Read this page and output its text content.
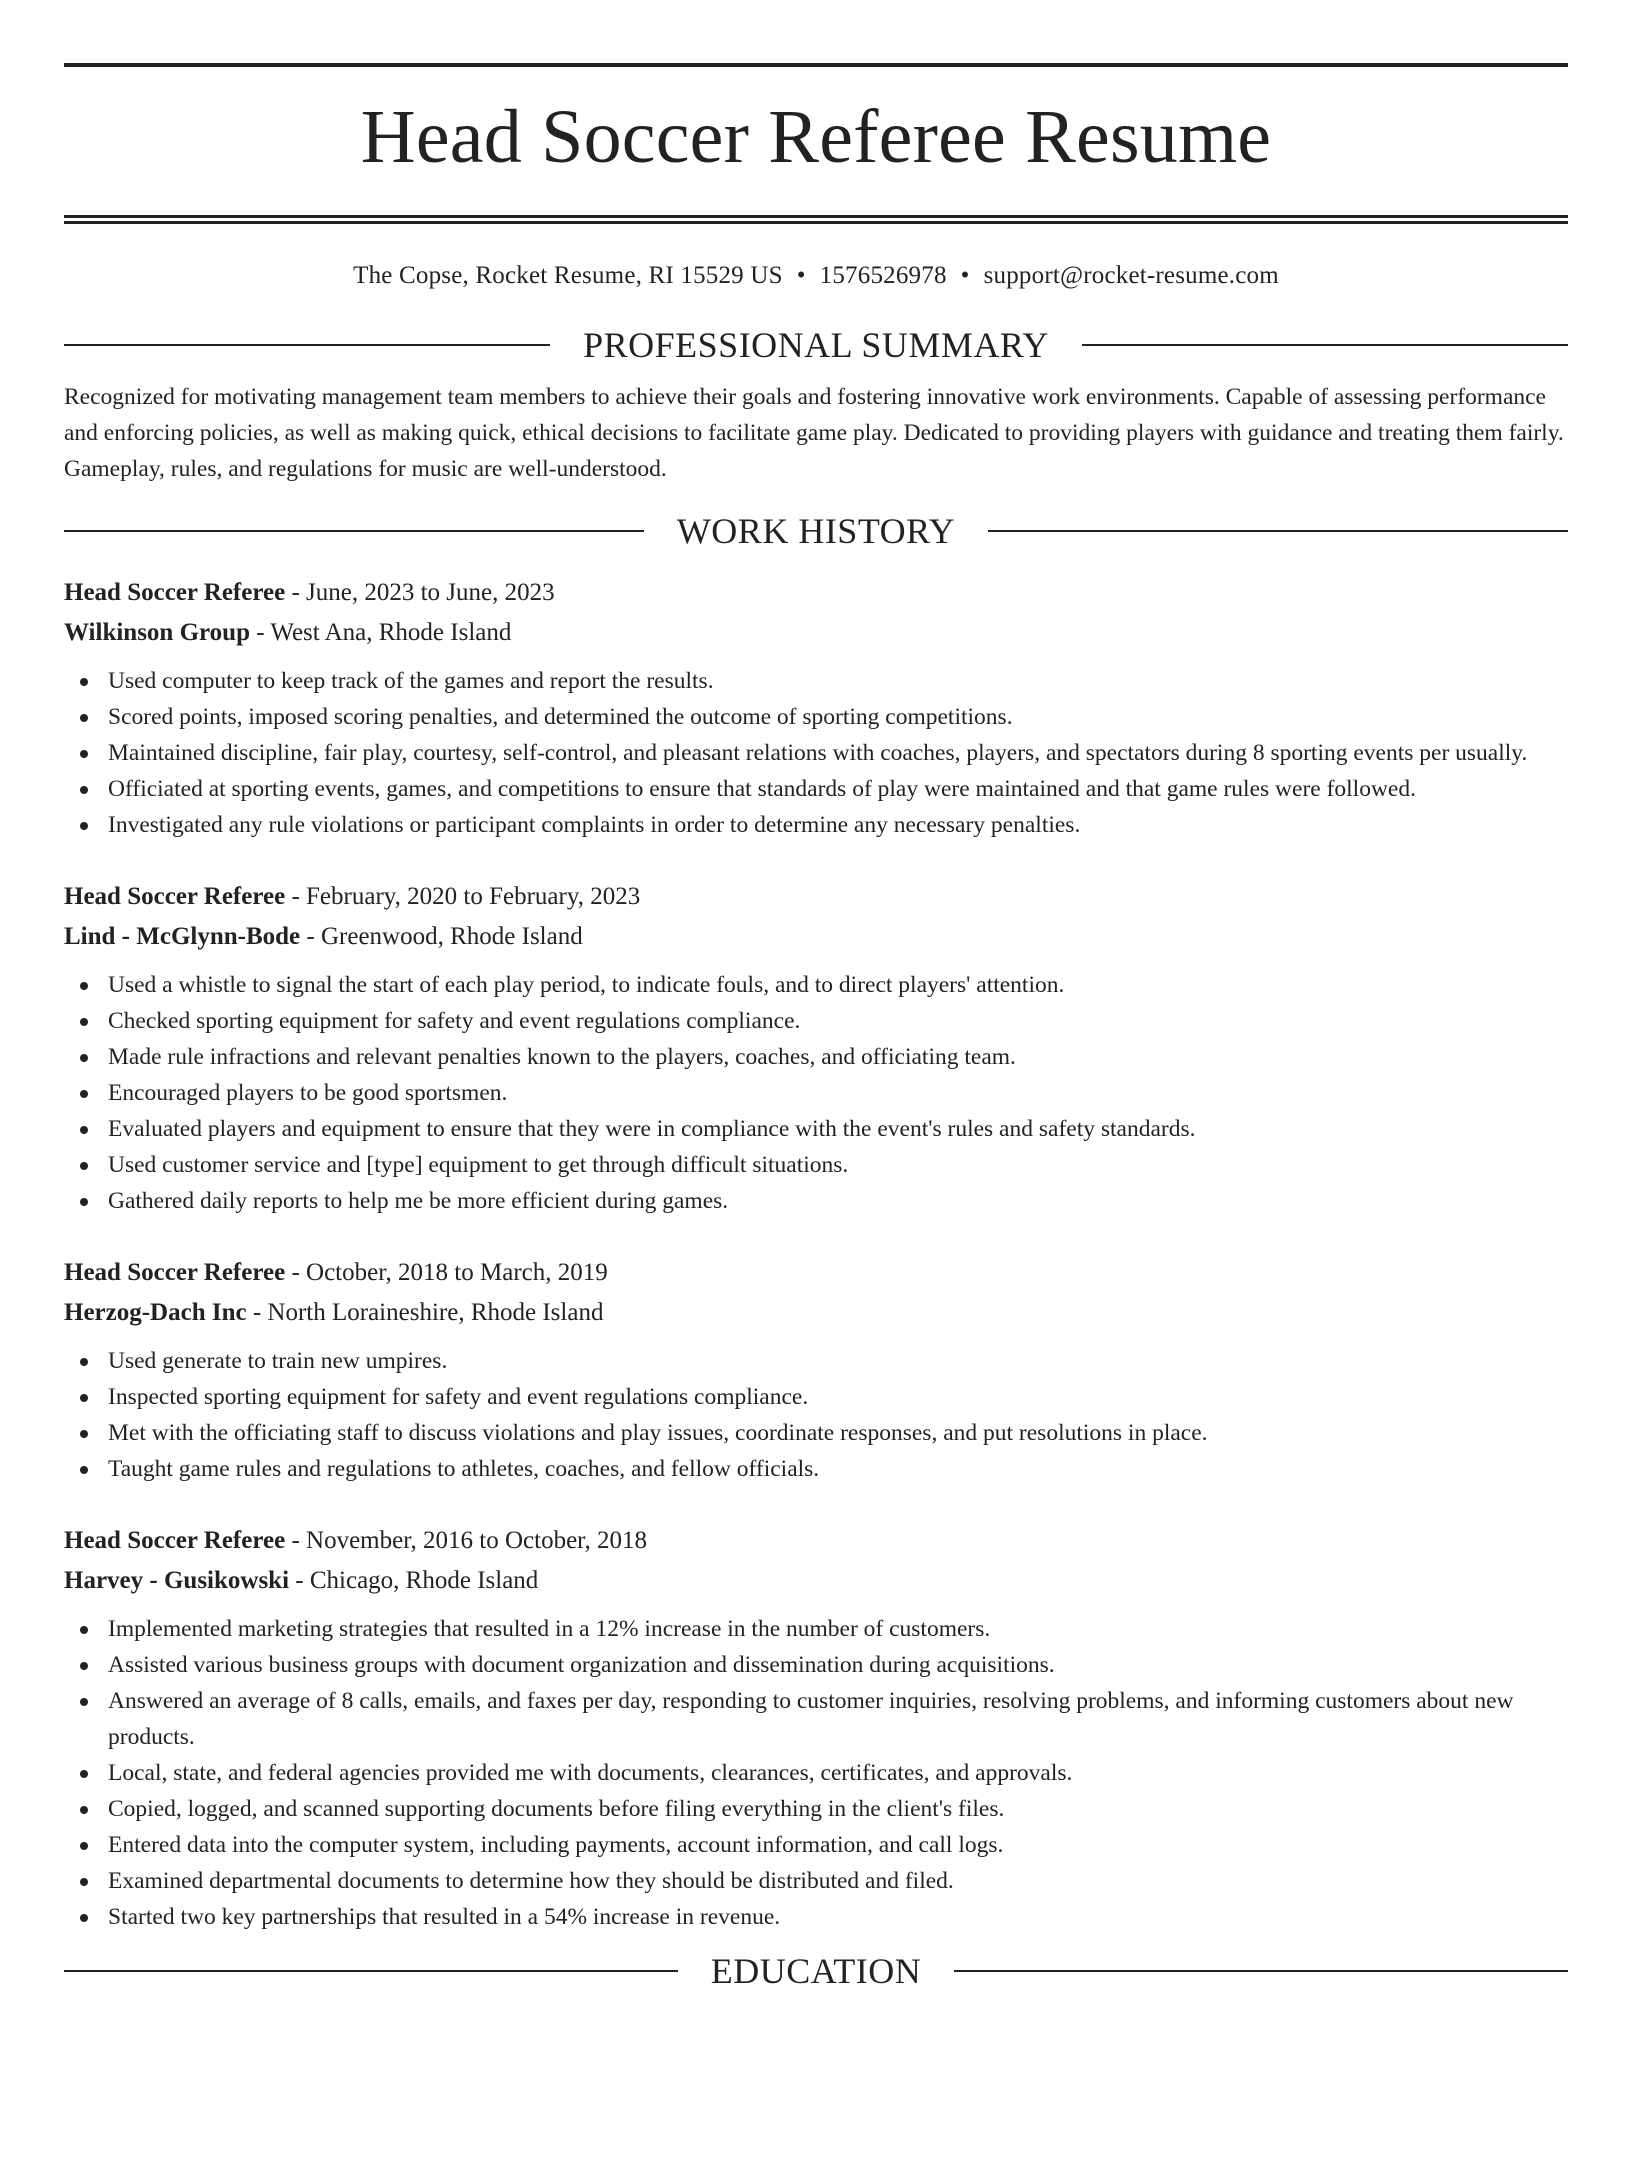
Head Soccer Referee Resume
The Copse, Rocket Resume, RI 15529 US • 1576526978 • support@rocket-resume.com
PROFESSIONAL SUMMARY

Recognized for motivating management team members to achieve their goals and fostering innovative work environments. Capable of assessing performance and enforcing policies, as well as making quick, ethical decisions to facilitate game play. Dedicated to providing players with guidance and treating them fairly. Gameplay, rules, and regulations for music are well-understood.

WORK HISTORY
Head Soccer Referee - June, 2023 to June, 2023
Wilkinson Group - West Ana, Rhode Island
Used computer to keep track of the games and report the results.
Scored points, imposed scoring penalties, and determined the outcome of sporting competitions.
Maintained discipline, fair play, courtesy, self-control, and pleasant relations with coaches, players, and spectators during 8 sporting events per usually.
Officiated at sporting events, games, and competitions to ensure that standards of play were maintained and that game rules were followed.
Investigated any rule violations or participant complaints in order to determine any necessary penalties.
Head Soccer Referee - February, 2020 to February, 2023
Lind - McGlynn-Bode - Greenwood, Rhode Island
Used a whistle to signal the start of each play period, to indicate fouls, and to direct players' attention.
Checked sporting equipment for safety and event regulations compliance.
Made rule infractions and relevant penalties known to the players, coaches, and officiating team.
Encouraged players to be good sportsmen.
Evaluated players and equipment to ensure that they were in compliance with the event's rules and safety standards.
Used customer service and [type] equipment to get through difficult situations.
Gathered daily reports to help me be more efficient during games.
Head Soccer Referee - October, 2018 to March, 2019
Herzog-Dach Inc - North Loraineshire, Rhode Island
Used generate to train new umpires.
Inspected sporting equipment for safety and event regulations compliance.
Met with the officiating staff to discuss violations and play issues, coordinate responses, and put resolutions in place.
Taught game rules and regulations to athletes, coaches, and fellow officials.
Head Soccer Referee - November, 2016 to October, 2018
Harvey - Gusikowski - Chicago, Rhode Island
Implemented marketing strategies that resulted in a 12% increase in the number of customers.
Assisted various business groups with document organization and dissemination during acquisitions.
Answered an average of 8 calls, emails, and faxes per day, responding to customer inquiries, resolving problems, and informing customers about new products.
Local, state, and federal agencies provided me with documents, clearances, certificates, and approvals.
Copied, logged, and scanned supporting documents before filing everything in the client's files.
Entered data into the computer system, including payments, account information, and call logs.
Examined departmental documents to determine how they should be distributed and filed.
Started two key partnerships that resulted in a 54% increase in revenue.
EDUCATION
